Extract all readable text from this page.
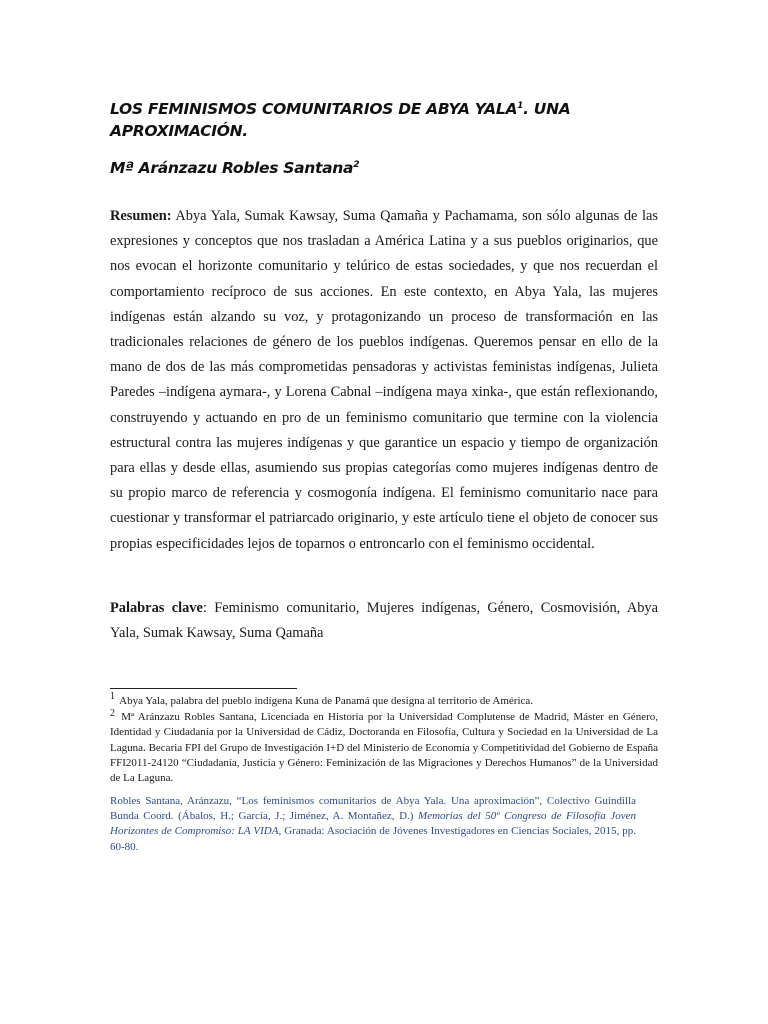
LOS FEMINISMOS COMUNITARIOS DE ABYA YALA$^1$. UNA APROXIMACIÓN.
Mª Aránzazu Robles Santana$^2$
Resumen: Abya Yala, Sumak Kawsay, Suma Qamaña y Pachamama, son sólo algunas de las expresiones y conceptos que nos trasladan a América Latina y a sus pueblos originarios, que nos evocan el horizonte comunitario y telúrico de estas sociedades, y que nos recuerdan el comportamiento recíproco de sus acciones. En este contexto, en Abya Yala, las mujeres indígenas están alzando su voz, y protagonizando un proceso de transformación en las tradicionales relaciones de género de los pueblos indígenas. Queremos pensar en ello de la mano de dos de las más comprometidas pensadoras y activistas feministas indígenas, Julieta Paredes –indígena aymara-, y Lorena Cabnal –indígena maya xinka-, que están reflexionando, construyendo y actuando en pro de un feminismo comunitario que termine con la violencia estructural contra las mujeres indígenas y que garantice un espacio y tiempo de organización para ellas y desde ellas, asumiendo sus propias categorías como mujeres indígenas dentro de su propio marco de referencia y cosmogonía indígena. El feminismo comunitario nace para cuestionar y transformar el patriarcado originario, y este artículo tiene el objeto de conocer sus propias especificidades lejos de toparnos o entroncarlo con el feminismo occidental.
Palabras clave: Feminismo comunitario, Mujeres indígenas, Género, Cosmovisión, Abya Yala, Sumak Kawsay, Suma Qamaña
1 Abya Yala, palabra del pueblo indígena Kuna de Panamá que designa al territorio de América.
2 Mª Aránzazu Robles Santana, Licenciada en Historia por la Universidad Complutense de Madrid, Máster en Género, Identidad y Ciudadanía por la Universidad de Cádiz, Doctoranda en Filosofía, Cultura y Sociedad en la Universidad de La Laguna. Becaria FPI del Grupo de Investigación I+D del Ministerio de Economía y Competitividad del Gobierno de España FFI2011-24120 “Ciudadanía, Justicia y Género: Feminización de las Migraciones y Derechos Humanos” de la Universidad de La Laguna.
Robles Santana, Aránzazu, “Los feminismos comunitarios de Abya Yala. Una aproximación”, Colectivo Guindilla Bunda Coord. (Ábalos, H.; García, J.; Jiménez, A. Montañez, D.) Memorias del 50º Congreso de Filosofía Joven Horizontes de Compromiso: LA VIDA, Granada: Asociación de Jóvenes Investigadores en Ciencias Sociales, 2015, pp. 60-80.
